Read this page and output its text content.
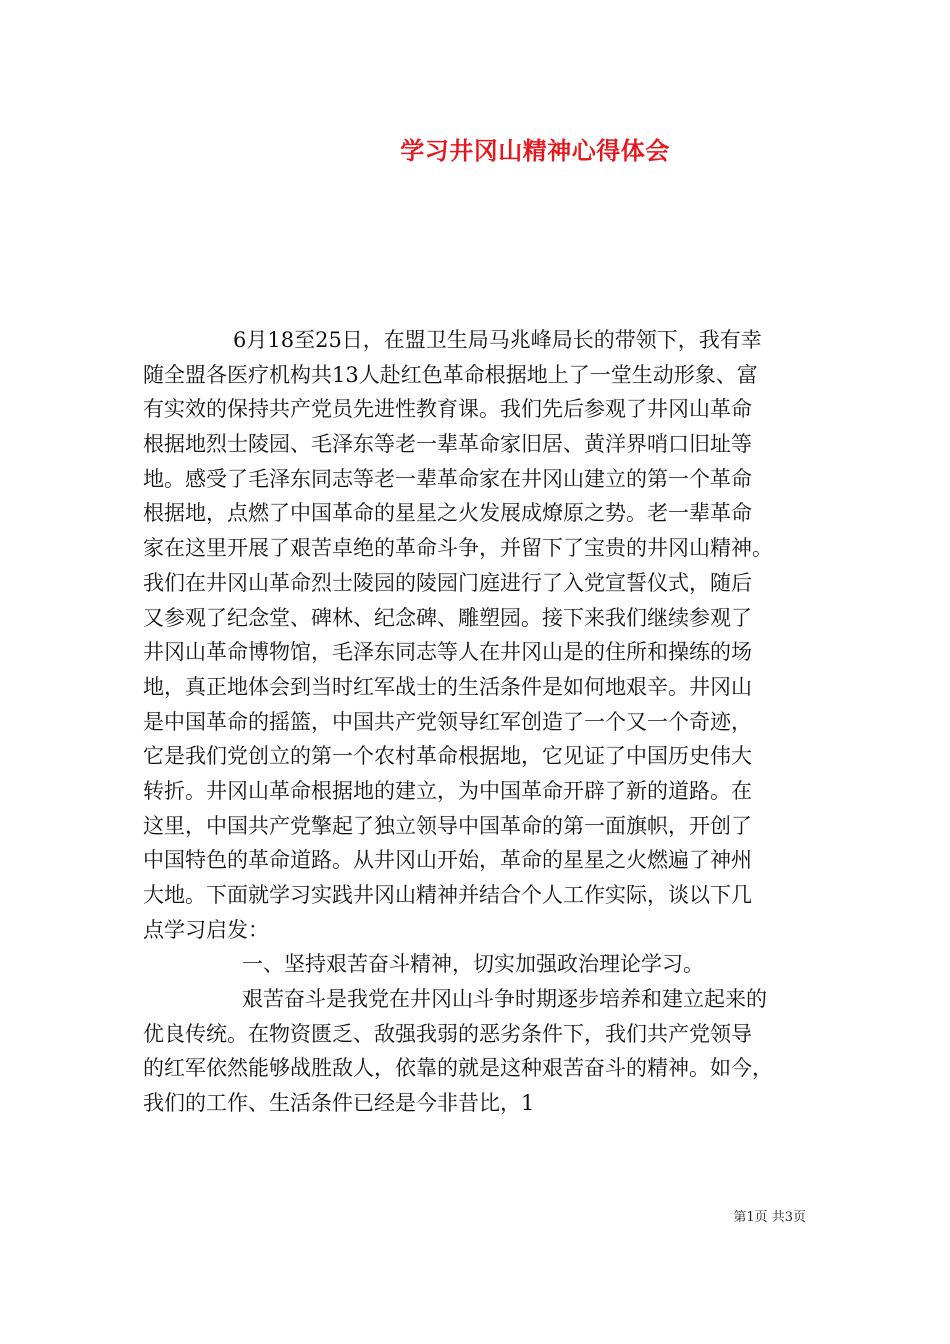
学习井冈山精神心得体会
6月18至25日，在盟卫生局马兆峰局长的带领下，我有幸
随全盟各医疗机构共13人赴红色革命根据地上了一堂生动形象、富
有实效的保持共产党员先进性教育课。我们先后参观了井冈山革命
根据地烈士陵园、毛泽东等老一辈革命家旧居、黄洋界哨口旧址等
地。感受了毛泽东同志等老一辈革命家在井冈山建立的第一个革命
根据地，点燃了中国革命的星星之火发展成燎原之势。老一辈革命
家在这里开展了艰苦卓绝的革命斗争，并留下了宝贵的井冈山精神。
我们在井冈山革命烈士陵园的陵园门庭进行了入党宣誓仪式，随后
又参观了纪念堂、碑林、纪念碑、雕塑园。接下来我们继续参观了
井冈山革命博物馆，毛泽东同志等人在井冈山是的住所和操练的场
地，真正地体会到当时红军战士的生活条件是如何地艰辛。井冈山
是中国革命的摇篮，中国共产党领导红军创造了一个又一个奇迹，
它是我们党创立的第一个农村革命根据地，它见证了中国历史伟大
转折。井冈山革命根据地的建立，为中国革命开辟了新的道路。在
这里，中国共产党擎起了独立领导中国革命的第一面旗帜，开创了
中国特色的革命道路。从井冈山开始，革命的星星之火燃遍了神州
大地。下面就学习实践井冈山精神并结合个人工作实际，谈以下几
点学习启发：
一、坚持艰苦奋斗精神，切实加强政治理论学习。
艰苦奋斗是我党在井冈山斗争时期逐步培养和建立起来的
优良传统。在物资匮乏、敌强我弱的恶劣条件下，我们共产党领导
的红军依然能够战胜敌人，依靠的就是这种艰苦奋斗的精神。如今，
我们的工作、生活条件已经是今非昔比，1
第1页 共3页
